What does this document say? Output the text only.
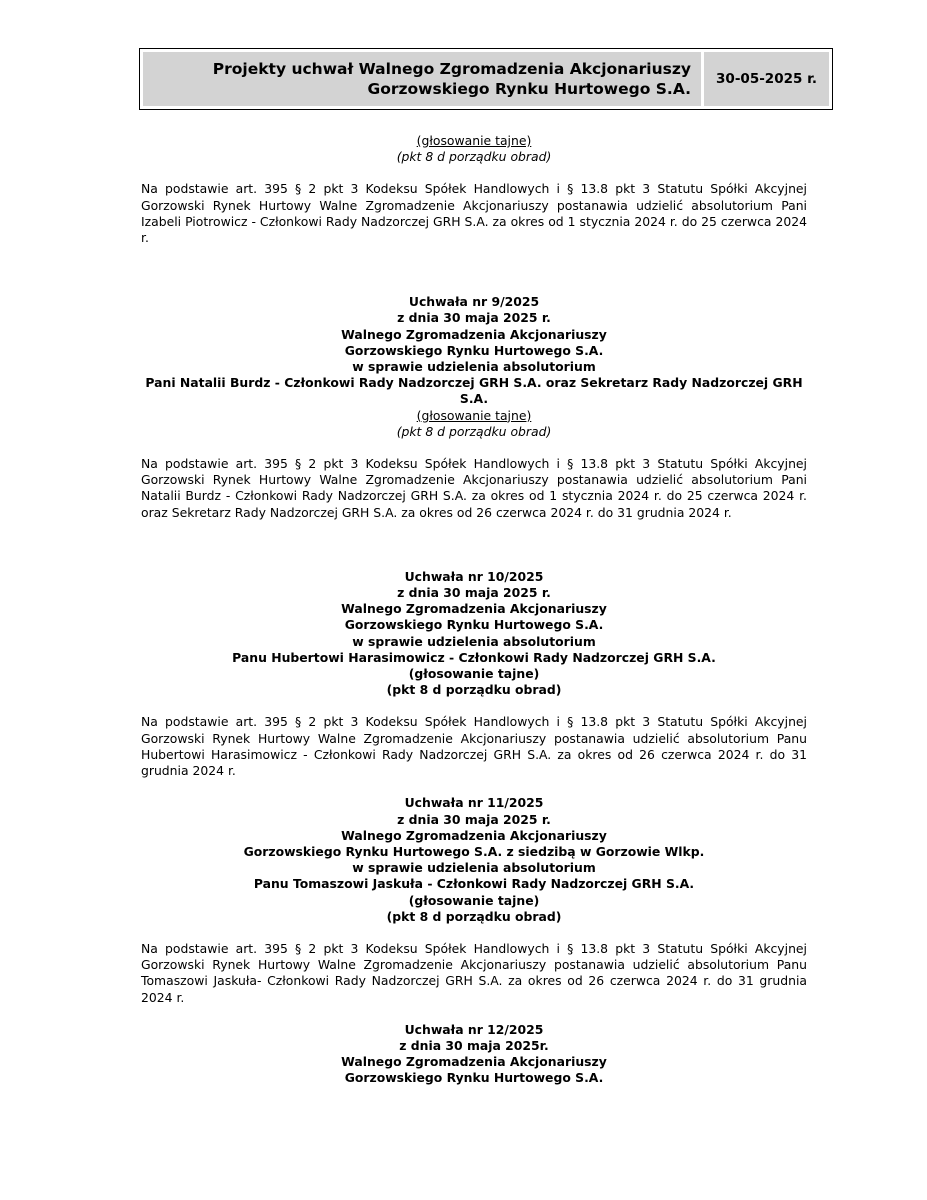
Projekty uchwał Walnego Zgromadzenia Akcjonariuszy
Gorzowskiego Rynku Hurtowego S.A.
30-05-2025 r.
(głosowanie tajne)
(pkt 8 d porządku obrad)
Na podstawie art. 395 § 2 pkt 3 Kodeksu Spółek Handlowych i § 13.8 pkt 3 Statutu Spółki Akcyjnej Gorzowski Rynek Hurtowy Walne Zgromadzenie Akcjonariuszy postanawia udzielić absolutorium Pani Izabeli Piotrowicz - Członkowi Rady Nadzorczej GRH S.A. za okres od 1 stycznia 2024 r. do 25 czerwca 2024 r.
Uchwała nr 9/2025
z dnia 30 maja 2025 r.
Walnego Zgromadzenia Akcjonariuszy
Gorzowskiego Rynku Hurtowego S.A.
w sprawie udzielenia absolutorium
Pani Natalii Burdz - Członkowi Rady Nadzorczej GRH S.A. oraz Sekretarz Rady Nadzorczej GRH S.A.
(głosowanie tajne)
(pkt 8 d porządku obrad)
Na podstawie art. 395 § 2 pkt 3 Kodeksu Spółek Handlowych i § 13.8 pkt 3 Statutu Spółki Akcyjnej Gorzowski Rynek Hurtowy Walne Zgromadzenie Akcjonariuszy postanawia udzielić absolutorium Pani Natalii Burdz - Członkowi Rady Nadzorczej GRH S.A. za okres od 1 stycznia 2024 r. do 25 czerwca 2024 r. oraz Sekretarz Rady Nadzorczej GRH S.A. za okres od 26 czerwca 2024 r. do 31 grudnia 2024 r.
Uchwała nr 10/2025
z dnia 30 maja 2025 r.
Walnego Zgromadzenia Akcjonariuszy
Gorzowskiego Rynku Hurtowego S.A.
w sprawie udzielenia absolutorium
Panu Hubertowi Harasimowicz - Członkowi Rady Nadzorczej GRH S.A.
(głosowanie tajne)
(pkt 8 d porządku obrad)
Na podstawie art. 395 § 2 pkt 3 Kodeksu Spółek Handlowych i § 13.8 pkt 3 Statutu Spółki Akcyjnej Gorzowski Rynek Hurtowy Walne Zgromadzenie Akcjonariuszy postanawia udzielić absolutorium Panu Hubertowi Harasimowicz - Członkowi Rady Nadzorczej GRH S.A. za okres od 26 czerwca 2024 r. do 31 grudnia 2024 r.
Uchwała nr 11/2025
z dnia 30 maja 2025 r.
Walnego Zgromadzenia Akcjonariuszy
Gorzowskiego Rynku Hurtowego S.A. z siedzibą w Gorzowie Wlkp.
w sprawie udzielenia absolutorium
Panu Tomaszowi Jaskuła - Członkowi Rady Nadzorczej GRH S.A.
(głosowanie tajne)
(pkt 8 d porządku obrad)
Na podstawie art. 395 § 2 pkt 3 Kodeksu Spółek Handlowych i § 13.8 pkt 3 Statutu Spółki Akcyjnej Gorzowski Rynek Hurtowy Walne Zgromadzenie Akcjonariuszy postanawia udzielić absolutorium Panu Tomaszowi Jaskuła- Członkowi Rady Nadzorczej GRH S.A. za okres od 26 czerwca 2024 r. do 31 grudnia 2024 r.
Uchwała nr 12/2025
z dnia 30 maja 2025r.
Walnego Zgromadzenia Akcjonariuszy
Gorzowskiego Rynku Hurtowego S.A.
